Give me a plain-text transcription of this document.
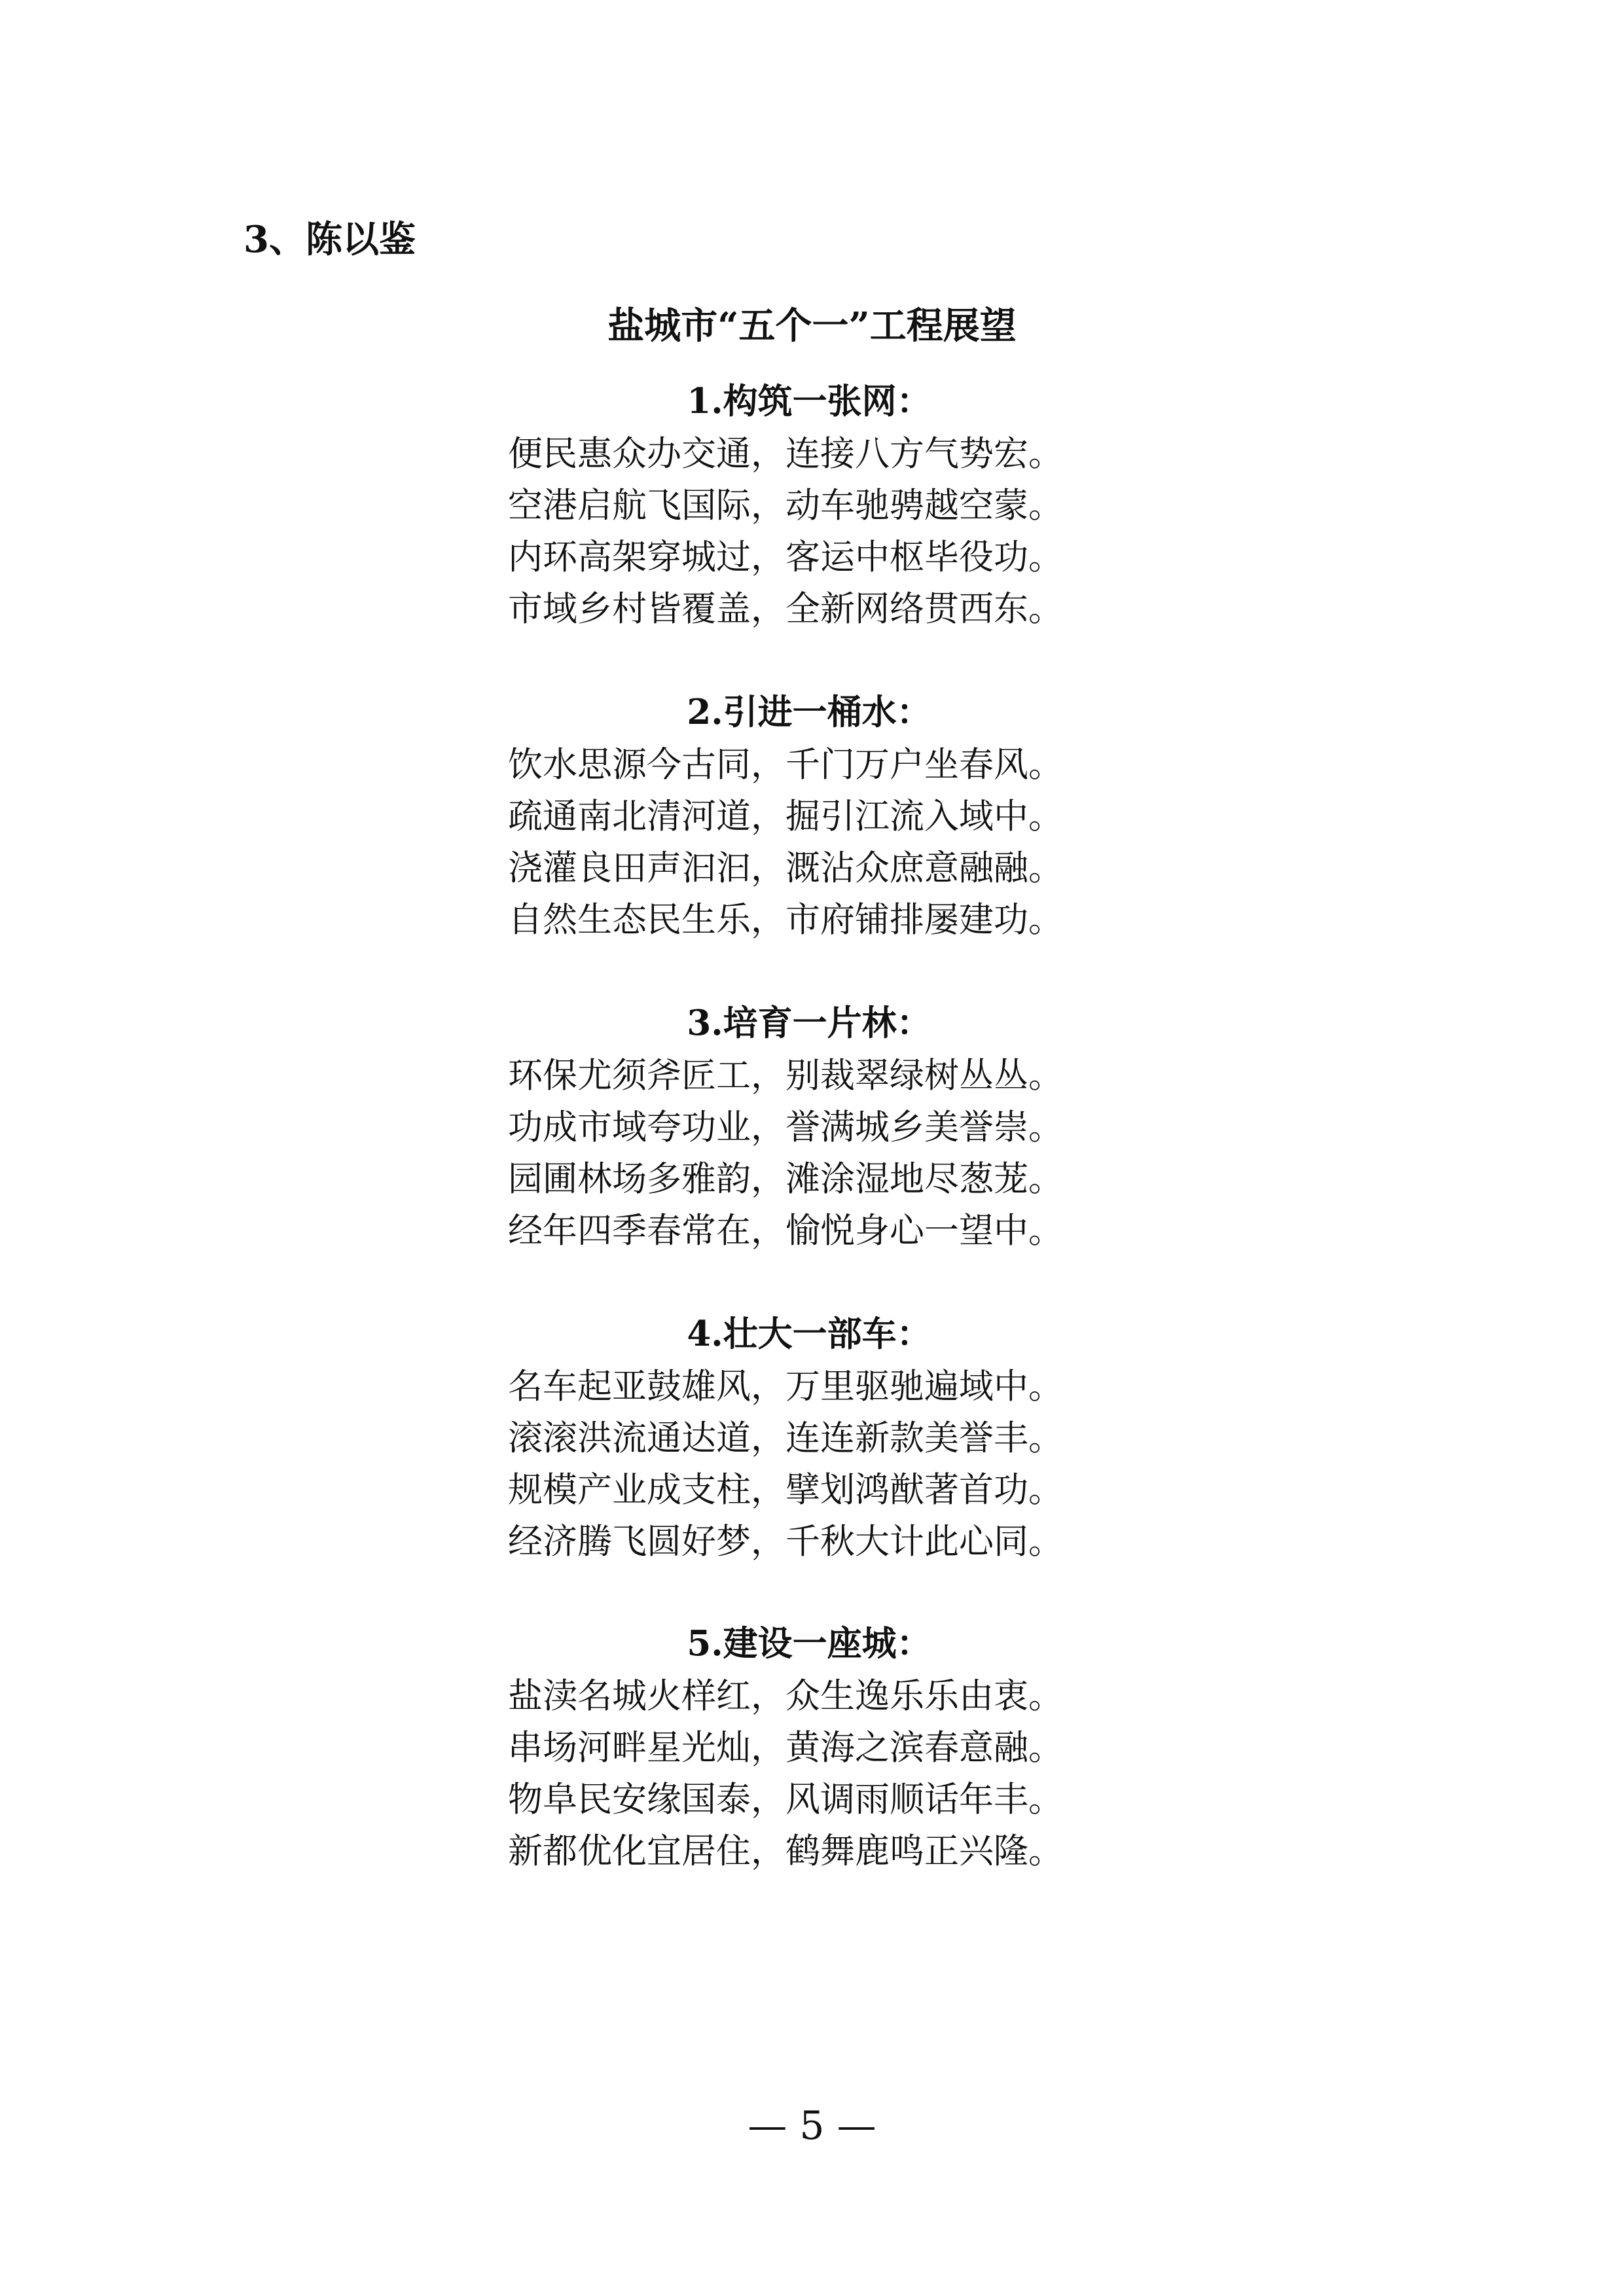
3、陈以鉴
盐城市“五个一”工程展望
1.构筑一张网：
便民惠众办交通，连接八方气势宏。
空港启航飞国际，动车驰骋越空蒙。
内环高架穿城过，客运中枢毕役功。
市域乡村皆覆盖，全新网络贯西东。
2.引进一桶水：
饮水思源今古同，千门万户坐春风。
疏通南北清河道，掘引江流入域中。
浇灌良田声汩汩，溉沾众庶意融融。
自然生态民生乐，市府铺排屡建功。
3.培育一片林：
环保尤须斧匠工，别裁翠绿树丛丛。
功成市域夸功业，誉满城乡美誉崇。
园圃林场多雅韵，滩涂湿地尽葱茏。
经年四季春常在，愉悦身心一望中。
4.壮大一部车：
名车起亚鼓雄风，万里驱驰遍域中。
滚滚洪流通达道，连连新款美誉丰。
规模产业成支柱，擘划鸿猷著首功。
经济腾飞圆好梦，千秋大计此心同。
5.建设一座城：
盐渎名城火样红，众生逸乐乐由衷。
串场河畔星光灿，黄海之滨春意融。
物阜民安缘国泰，风调雨顺话年丰。
新都优化宜居住，鹤舞鹿鸣正兴隆。
— 5 —
